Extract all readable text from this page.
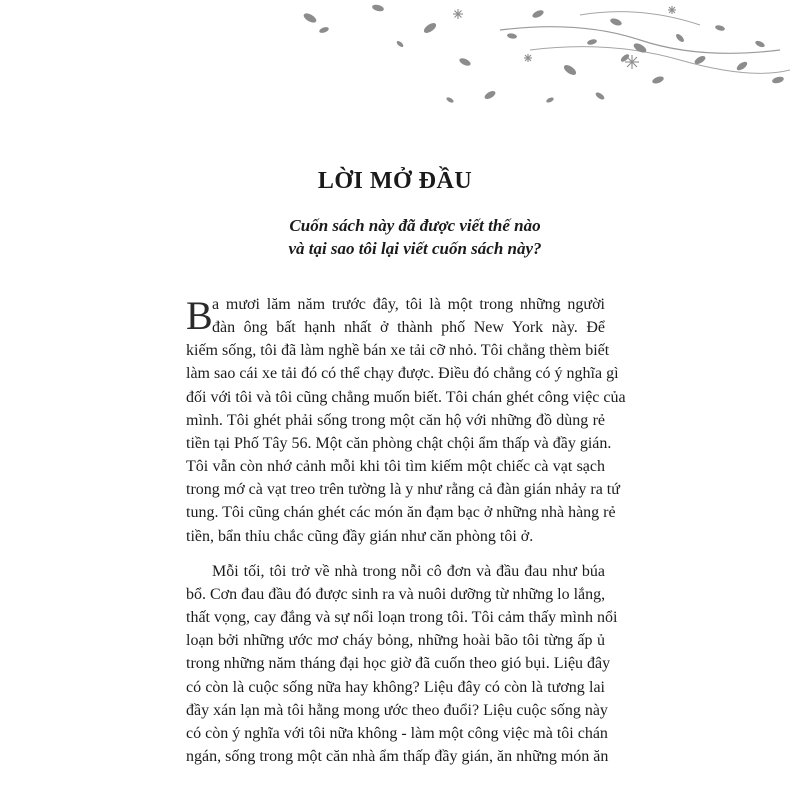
LỜI MỞ ĐẦU
Cuốn sách này đã được viết thế nào
và tại sao tôi lại viết cuốn sách này?
B a mươi lăm năm trước đây, tôi là một trong những người
đàn ông bất hạnh nhất ở thành phố New York này. Để
kiếm sống, tôi đã làm nghề bán xe tải cỡ nhỏ. Tôi chẳng thèm biết
làm sao cái xe tải đó có thể chạy được. Điều đó chẳng có ý nghĩa gì
đối với tôi và tôi cũng chẳng muốn biết. Tôi chán ghét công việc của
mình. Tôi ghét phải sống trong một căn hộ với những đồ dùng rẻ
tiền tại Phố Tây 56. Một căn phòng chật chội ẩm thấp và đầy gián.
Tôi vẫn còn nhớ cảnh mỗi khi tôi tìm kiếm một chiếc cà vạt sạch
trong mớ cà vạt treo trên tường là y như rằng cả đàn gián nhảy ra tứ
tung. Tôi cũng chán ghét các món ăn đạm bạc ở những nhà hàng rẻ
tiền, bẩn thỉu chắc cũng đầy gián như căn phòng tôi ở.
Mỗi tối, tôi trở về nhà trong nỗi cô đơn và đầu đau như búa
bổ. Cơn đau đầu đó được sinh ra và nuôi dưỡng từ những lo lắng,
thất vọng, cay đắng và sự nổi loạn trong tôi. Tôi cảm thấy mình nổi
loạn bởi những ước mơ cháy bỏng, những hoài bão tôi từng ấp ủ
trong những năm tháng đại học giờ đã cuốn theo gió bụi. Liệu đây
có còn là cuộc sống nữa hay không? Liệu đây có còn là tương lai
đầy xán lạn mà tôi hằng mong ước theo đuổi? Liệu cuộc sống này
có còn ý nghĩa với tôi nữa không - làm một công việc mà tôi chán
ngán, sống trong một căn nhà ẩm thấp đầy gián, ăn những món ăn
